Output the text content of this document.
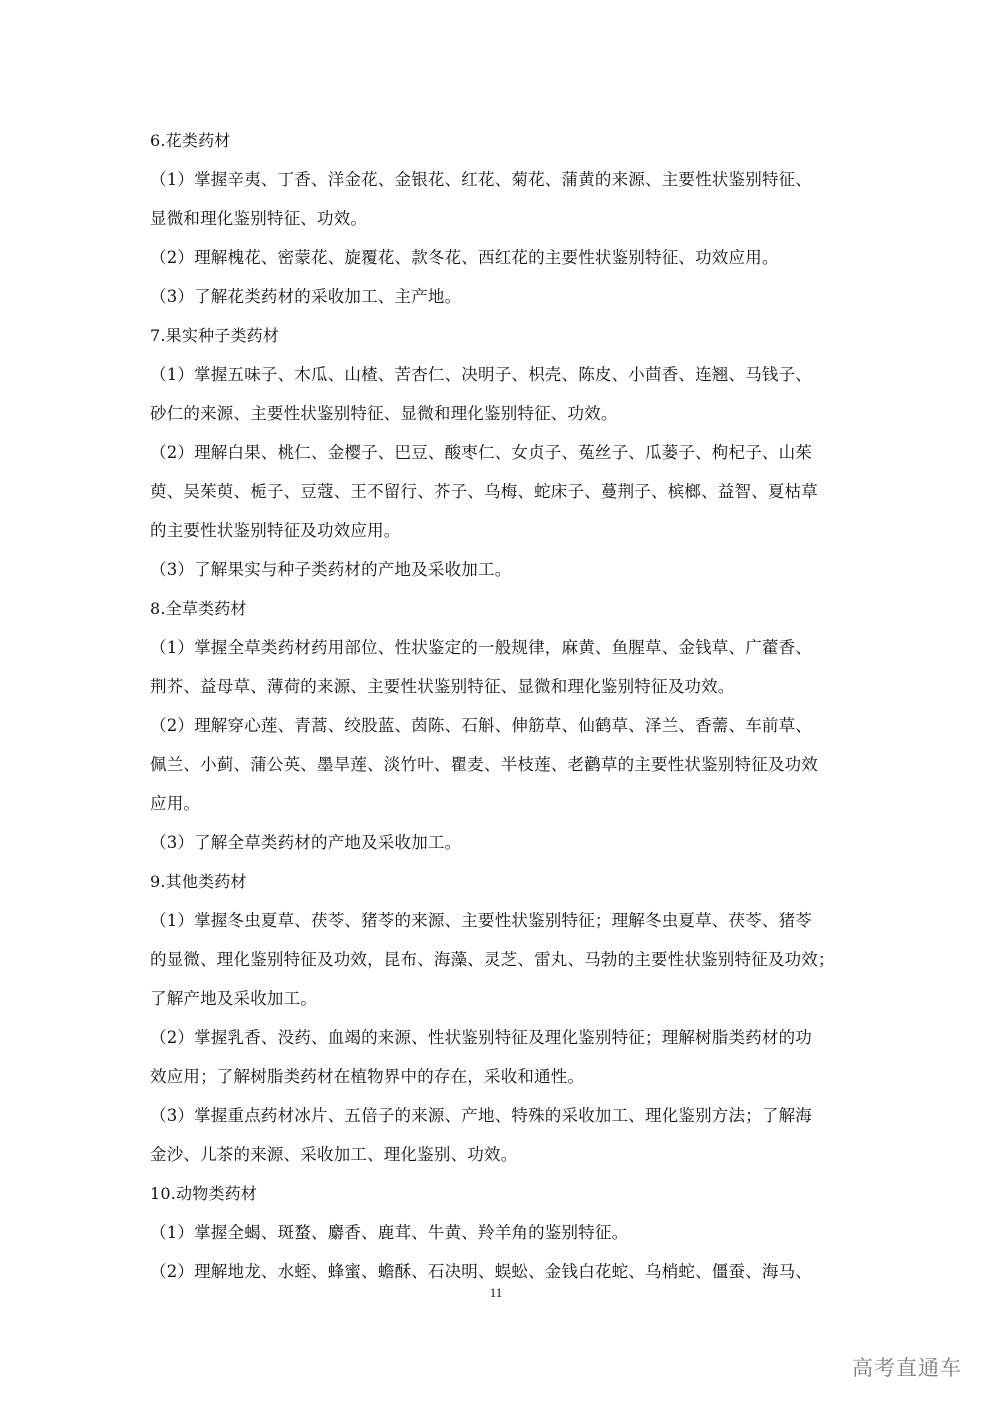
6.花类药材
（1）掌握辛夷、丁香、洋金花、金银花、红花、菊花、蒲黄的来源、主要性状鉴别特征、
显微和理化鉴别特征、功效。
（2）理解槐花、密蒙花、旋覆花、款冬花、西红花的主要性状鉴别特征、功效应用。
（3）了解花类药材的采收加工、主产地。
7.果实种子类药材
（1）掌握五味子、木瓜、山楂、苦杏仁、决明子、枳壳、陈皮、小茴香、连翘、马钱子、
砂仁的来源、主要性状鉴别特征、显微和理化鉴别特征、功效。
（2）理解白果、桃仁、金樱子、巴豆、酸枣仁、女贞子、菟丝子、瓜蒌子、枸杞子、山茱
萸、吴茱萸、栀子、豆蔻、王不留行、芥子、乌梅、蛇床子、蔓荆子、槟榔、益智、夏枯草
的主要性状鉴别特征及功效应用。
（3）了解果实与种子类药材的产地及采收加工。
8.全草类药材
（1）掌握全草类药材药用部位、性状鉴定的一般规律，麻黄、鱼腥草、金钱草、广藿香、
荆芥、益母草、薄荷的来源、主要性状鉴别特征、显微和理化鉴别特征及功效。
（2）理解穿心莲、青蒿、绞股蓝、茵陈、石斛、伸筋草、仙鹤草、泽兰、香薷、车前草、
佩兰、小蓟、蒲公英、墨旱莲、淡竹叶、瞿麦、半枝莲、老鹳草的主要性状鉴别特征及功效
应用。
（3）了解全草类药材的产地及采收加工。
9.其他类药材
（1）掌握冬虫夏草、茯苓、猪苓的来源、主要性状鉴别特征；理解冬虫夏草、茯苓、猪苓
的显微、理化鉴别特征及功效，昆布、海藻、灵芝、雷丸、马勃的主要性状鉴别特征及功效；
了解产地及采收加工。
（2）掌握乳香、没药、血竭的来源、性状鉴别特征及理化鉴别特征；理解树脂类药材的功
效应用；了解树脂类药材在植物界中的存在，采收和通性。
（3）掌握重点药材冰片、五倍子的来源、产地、特殊的采收加工、理化鉴别方法；了解海
金沙、儿茶的来源、采收加工、理化鉴别、功效。
10.动物类药材
（1）掌握全蝎、斑蝥、麝香、鹿茸、牛黄、羚羊角的鉴别特征。
（2）理解地龙、水蛭、蜂蜜、蟾酥、石决明、蜈蚣、金钱白花蛇、乌梢蛇、僵蚕、海马、
11
高考直通车
